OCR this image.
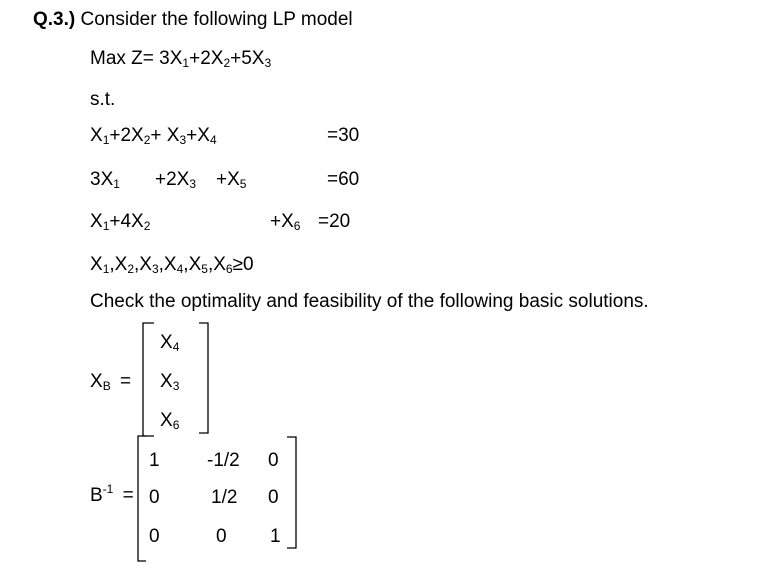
Q.3.) Consider the following LP model
Max $Z= 3X_1+2X_2+5X_3$
s.t.
$X_1+2X_2+ X_3+X_4$	=30
$3X_1 +2X_3 +X_5$	=60
$X_1+4X_2$	$+X_6 =20$
$X_1,X_2,X_3,X_4,X_5,X_6\ge 0$
Check the optimality and feasibility of the following basic solutions.
$X_B$ =
$X_4$
$X_3$
$X_6$
$B^{-1}$ =
1 -1/2 0
0	1/2 0
0	0 1
